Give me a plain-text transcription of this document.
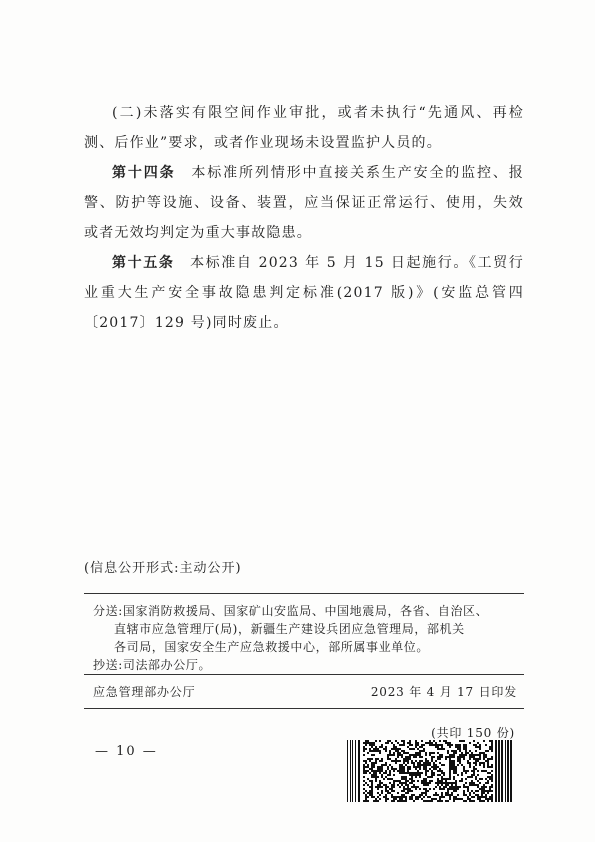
(二)未落实有限空间作业审批，或者未执行“先通风、再检测、后作业”要求，或者作业现场未设置监护人员的。

第十四条　本标准所列情形中直接关系生产安全的监控、报警、防护等设施、设备、装置，应当保证正常运行、使用，失效或者无效均判定为重大事故隐患。

第十五条　本标准自 2023 年 5 月 15 日起施行。《工贸行业重大生产安全事故隐患判定标准(2017 版)》(安监总管四〔2017〕129 号)同时废止。

(信息公开形式:主动公开)
分送:国家消防救援局、国家矿山安监局、中国地震局，各省、自治区、
直辖市应急管理厅(局)，新疆生产建设兵团应急管理局，部机关
各司局，国家安全生产应急救援中心，部所属事业单位。
抄送:司法部办公厅。
应急管理部办公厅	2023 年 4 月 17 日印发
(共印 150 份)
— 10 —
